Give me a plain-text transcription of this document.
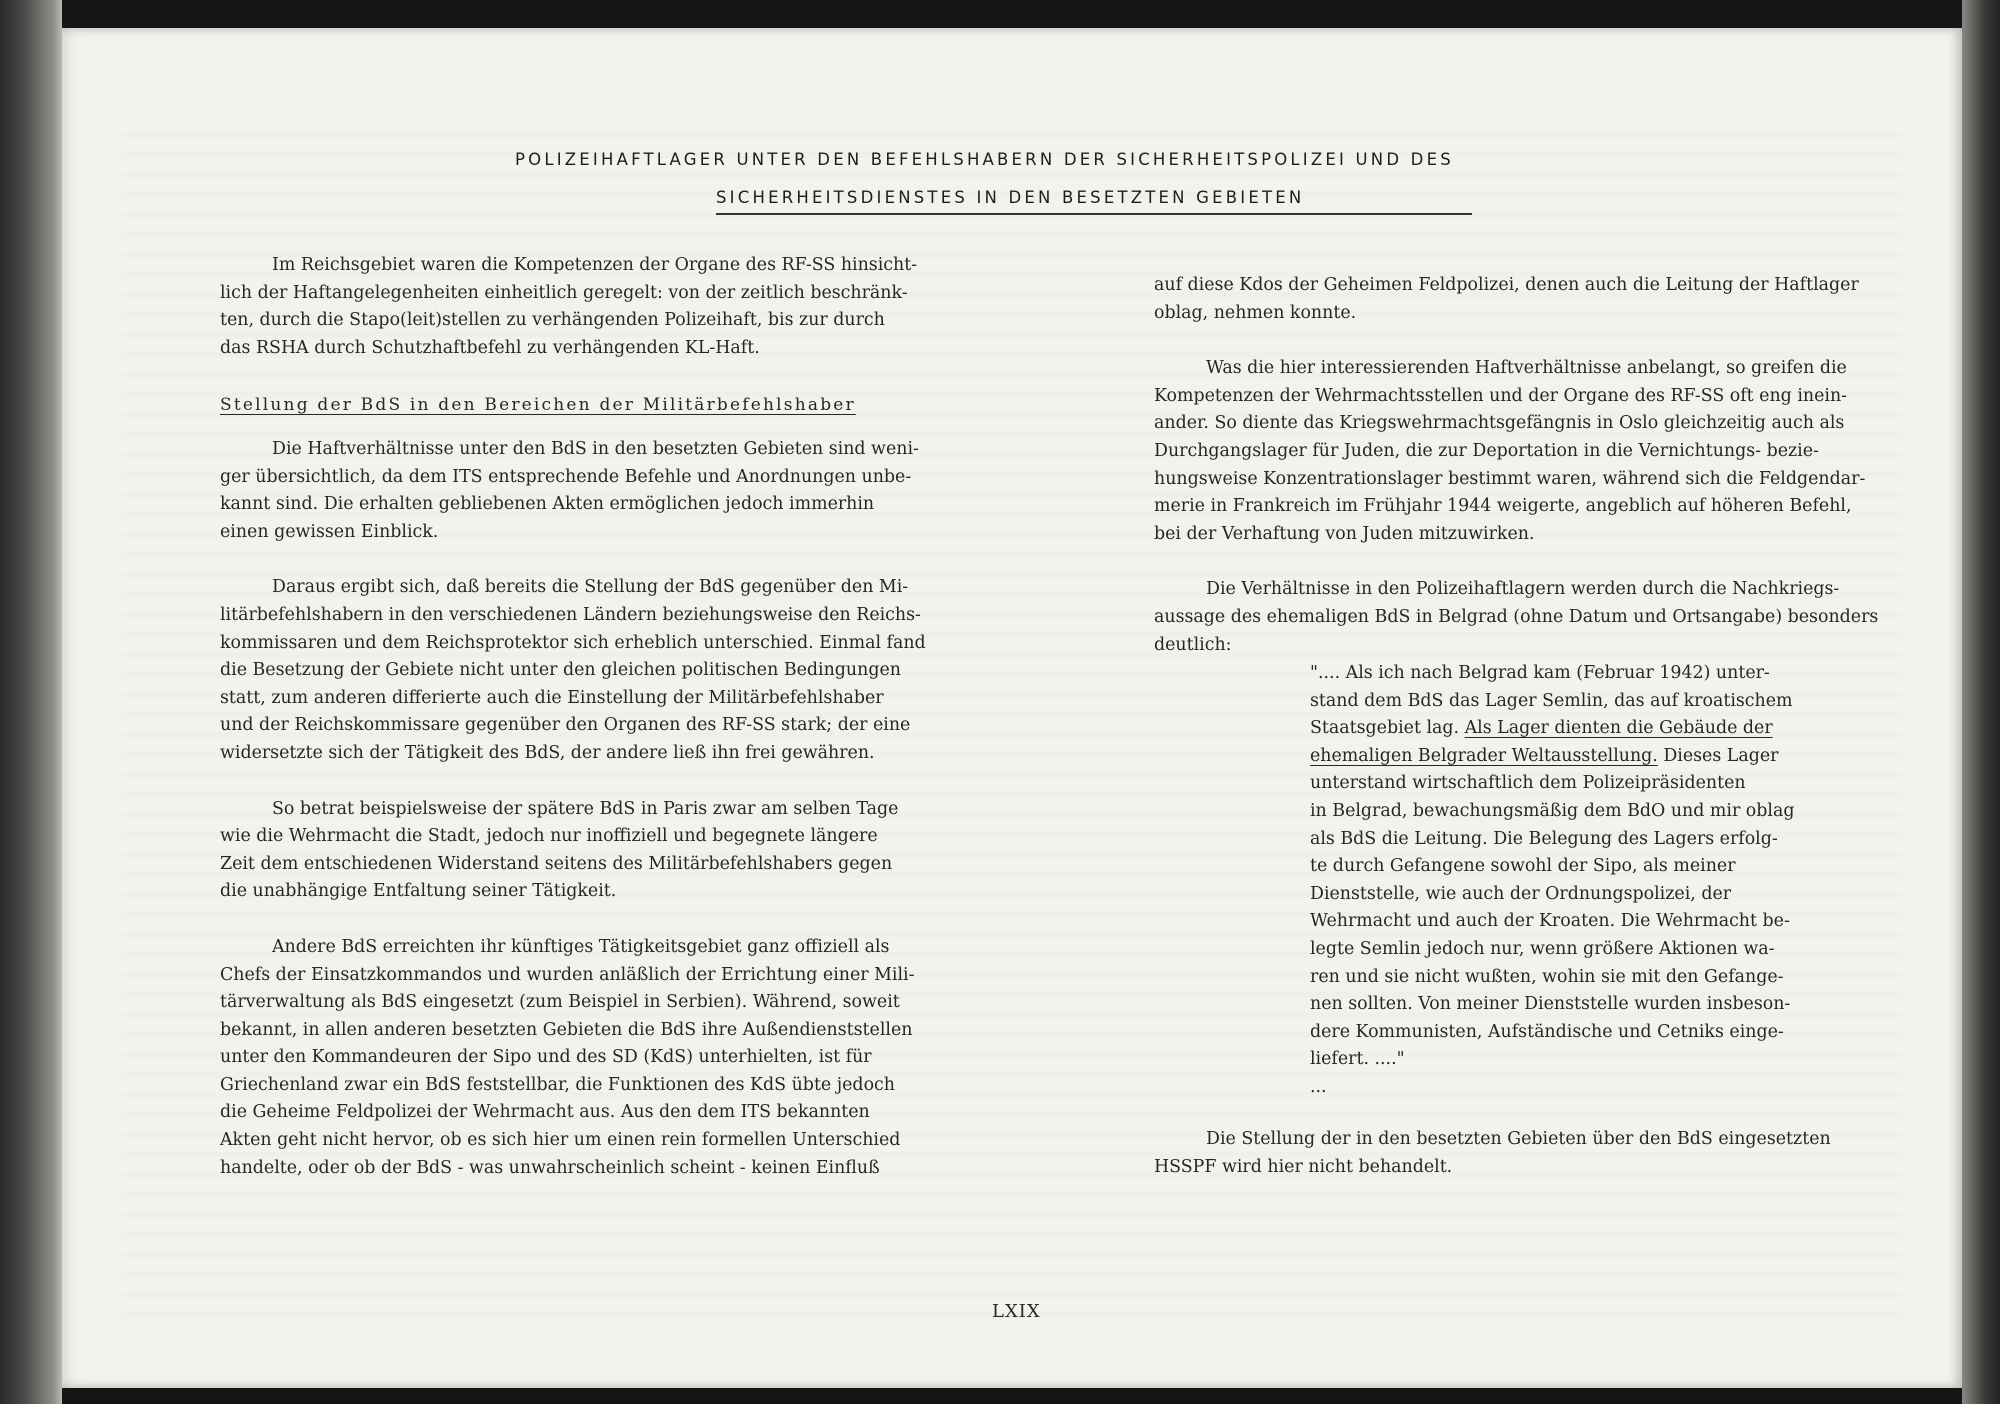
POLIZEIHAFTLAGER UNTER DEN BEFEHLSHABERN DER SICHERHEITSPOLIZEI UND DES
SICHERHEITSDIENSTES IN DEN BESETZTEN GEBIETEN
Im Reichsgebiet waren die Kompetenzen der Organe des RF-SS hinsicht-
lich der Haftangelegenheiten einheitlich geregelt: von der zeitlich beschränk-
ten, durch die Stapo(leit)stellen zu verhängenden Polizeihaft, bis zur durch
das RSHA durch Schutzhaftbefehl zu verhängenden KL-Haft.
Stellung der BdS in den Bereichen der Militärbefehlshaber
Die Haftverhältnisse unter den BdS in den besetzten Gebieten sind weni-
ger übersichtlich, da dem ITS entsprechende Befehle und Anordnungen unbe-
kannt sind. Die erhalten gebliebenen Akten ermöglichen jedoch immerhin
einen gewissen Einblick.
Daraus ergibt sich, daß bereits die Stellung der BdS gegenüber den Mi-
litärbefehlshabern in den verschiedenen Ländern beziehungsweise den Reichs-
kommissaren und dem Reichsprotektor sich erheblich unterschied. Einmal fand
die Besetzung der Gebiete nicht unter den gleichen politischen Bedingungen
statt, zum anderen differierte auch die Einstellung der Militärbefehlshaber
und der Reichskommissare gegenüber den Organen des RF-SS stark; der eine
widersetzte sich der Tätigkeit des BdS, der andere ließ ihn frei gewähren.
So betrat beispielsweise der spätere BdS in Paris zwar am selben Tage
wie die Wehrmacht die Stadt, jedoch nur inoffiziell und begegnete längere
Zeit dem entschiedenen Widerstand seitens des Militärbefehlshabers gegen
die unabhängige Entfaltung seiner Tätigkeit.
Andere BdS erreichten ihr künftiges Tätigkeitsgebiet ganz offiziell als
Chefs der Einsatzkommandos und wurden anläßlich der Errichtung einer Mili-
tärverwaltung als BdS eingesetzt (zum Beispiel in Serbien). Während, soweit
bekannt, in allen anderen besetzten Gebieten die BdS ihre Außendienststellen
unter den Kommandeuren der Sipo und des SD (KdS) unterhielten, ist für
Griechenland zwar ein BdS feststellbar, die Funktionen des KdS übte jedoch
die Geheime Feldpolizei der Wehrmacht aus. Aus den dem ITS bekannten
Akten geht nicht hervor, ob es sich hier um einen rein formellen Unterschied
handelte, oder ob der BdS - was unwahrscheinlich scheint - keinen Einfluß
auf diese Kdos der Geheimen Feldpolizei, denen auch die Leitung der Haftlager
oblag, nehmen konnte.
Was die hier interessierenden Haftverhältnisse anbelangt, so greifen die
Kompetenzen der Wehrmachtsstellen und der Organe des RF-SS oft eng inein-
ander. So diente das Kriegswehrmachtsgefängnis in Oslo gleichzeitig auch als
Durchgangslager für Juden, die zur Deportation in die Vernichtungs- bezie-
hungsweise Konzentrationslager bestimmt waren, während sich die Feldgendar-
merie in Frankreich im Frühjahr 1944 weigerte, angeblich auf höheren Befehl,
bei der Verhaftung von Juden mitzuwirken.
Die Verhältnisse in den Polizeihaftlagern werden durch die Nachkriegs-
aussage des ehemaligen BdS in Belgrad (ohne Datum und Ortsangabe) besonders
deutlich:
".... Als ich nach Belgrad kam (Februar 1942) unter-
stand dem BdS das Lager Semlin, das auf kroatischem
Staatsgebiet lag. Als Lager dienten die Gebäude der
ehemaligen Belgrader Weltausstellung. Dieses Lager
unterstand wirtschaftlich dem Polizeipräsidenten
in Belgrad, bewachungsmäßig dem BdO und mir oblag
als BdS die Leitung. Die Belegung des Lagers erfolg-
te durch Gefangene sowohl der Sipo, als meiner
Dienststelle, wie auch der Ordnungspolizei, der
Wehrmacht und auch der Kroaten. Die Wehrmacht be-
legte Semlin jedoch nur, wenn größere Aktionen wa-
ren und sie nicht wußten, wohin sie mit den Gefange-
nen sollten. Von meiner Dienststelle wurden insbeson-
dere Kommunisten, Aufständische und Cetniks einge-
liefert. ...."
...
Die Stellung der in den besetzten Gebieten über den BdS eingesetzten
HSSPF wird hier nicht behandelt.
LXIX
